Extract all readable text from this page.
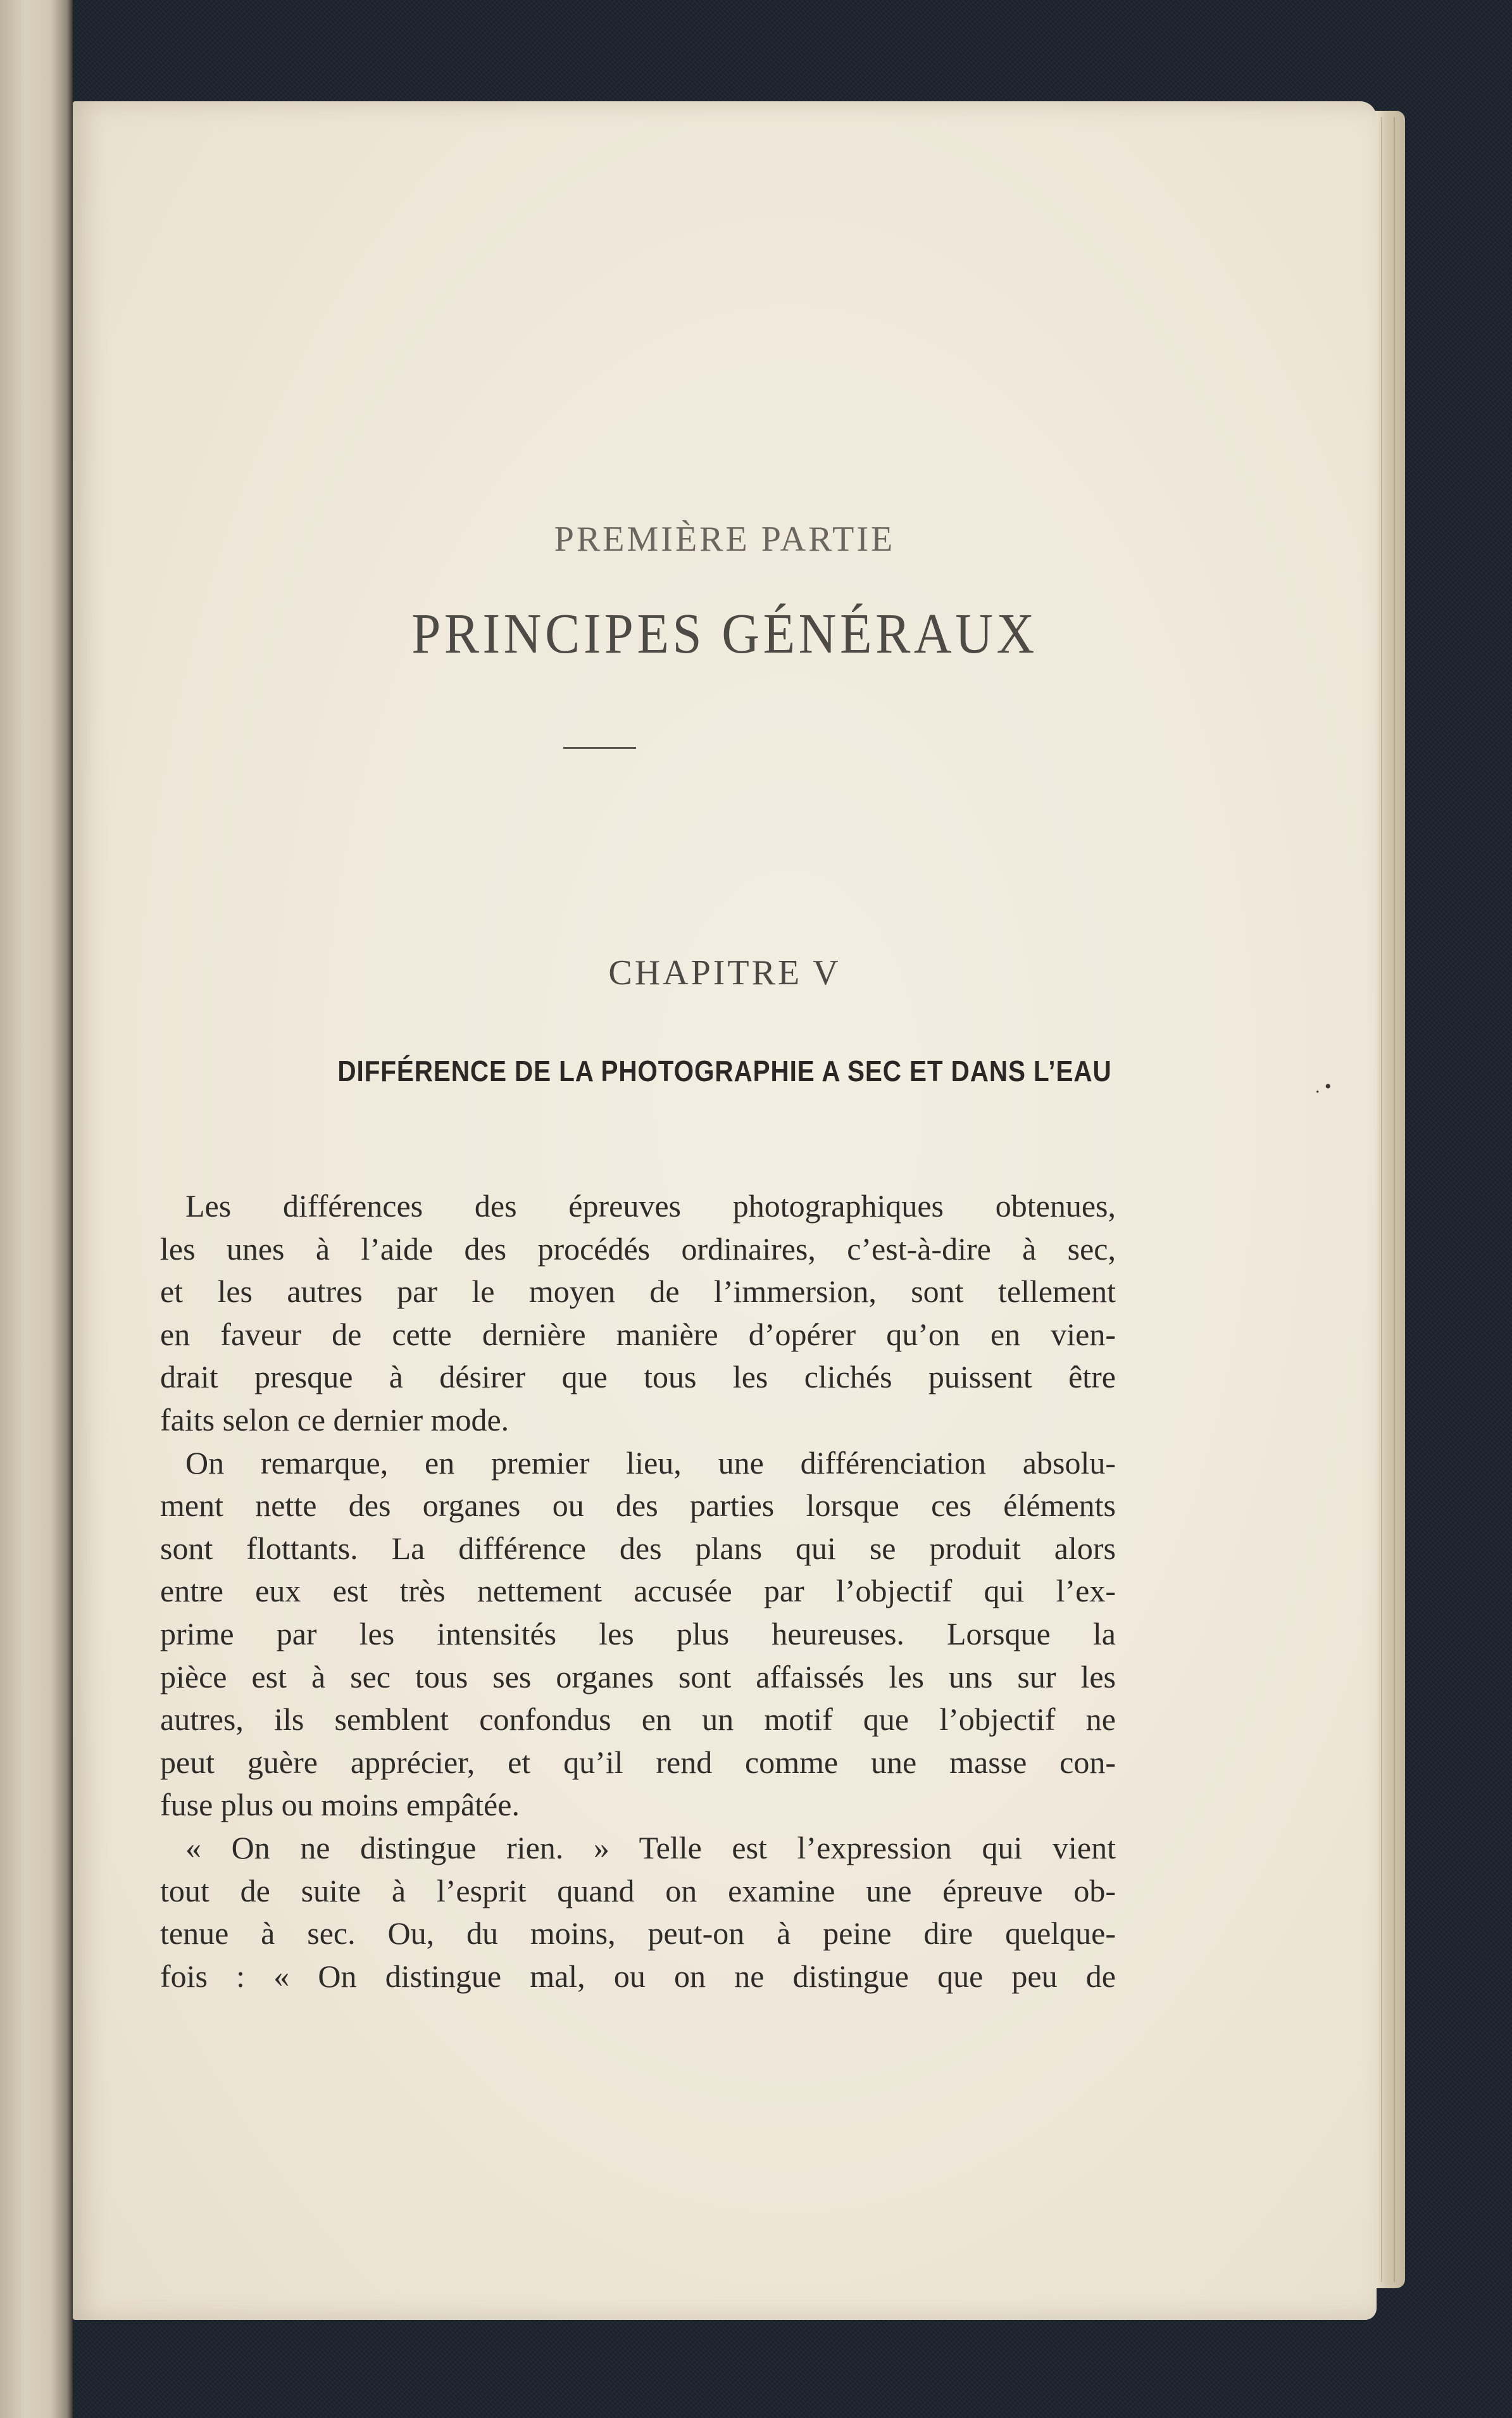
PREMIÈRE PARTIE
PRINCIPES GÉNÉRAUX
CHAPITRE V
DIFFÉRENCE DE LA PHOTOGRAPHIE A SEC ET DANS L’EAU
Les différences des épreuves photographiques obtenues,
les unes à l’aide des procédés ordinaires, c’est-à-dire à sec,
et les autres par le moyen de l’immersion, sont tellement
en faveur de cette dernière manière d’opérer qu’on en vien-
drait presque à désirer que tous les clichés puissent être
faits selon ce dernier mode.
On remarque, en premier lieu, une différenciation absolu-
ment nette des organes ou des parties lorsque ces éléments
sont flottants. La différence des plans qui se produit alors
entre eux est très nettement accusée par l’objectif qui l’ex-
prime par les intensités les plus heureuses. Lorsque la
pièce est à sec tous ses organes sont affaissés les uns sur les
autres, ils semblent confondus en un motif que l’objectif ne
peut guère apprécier, et qu’il rend comme une masse con-
fuse plus ou moins empâtée.
« On ne distingue rien. » Telle est l’expression qui vient
tout de suite à l’esprit quand on examine une épreuve ob-
tenue à sec. Ou, du moins, peut-on à peine dire quelque-
fois : « On distingue mal, ou on ne distingue que peu de
. •
